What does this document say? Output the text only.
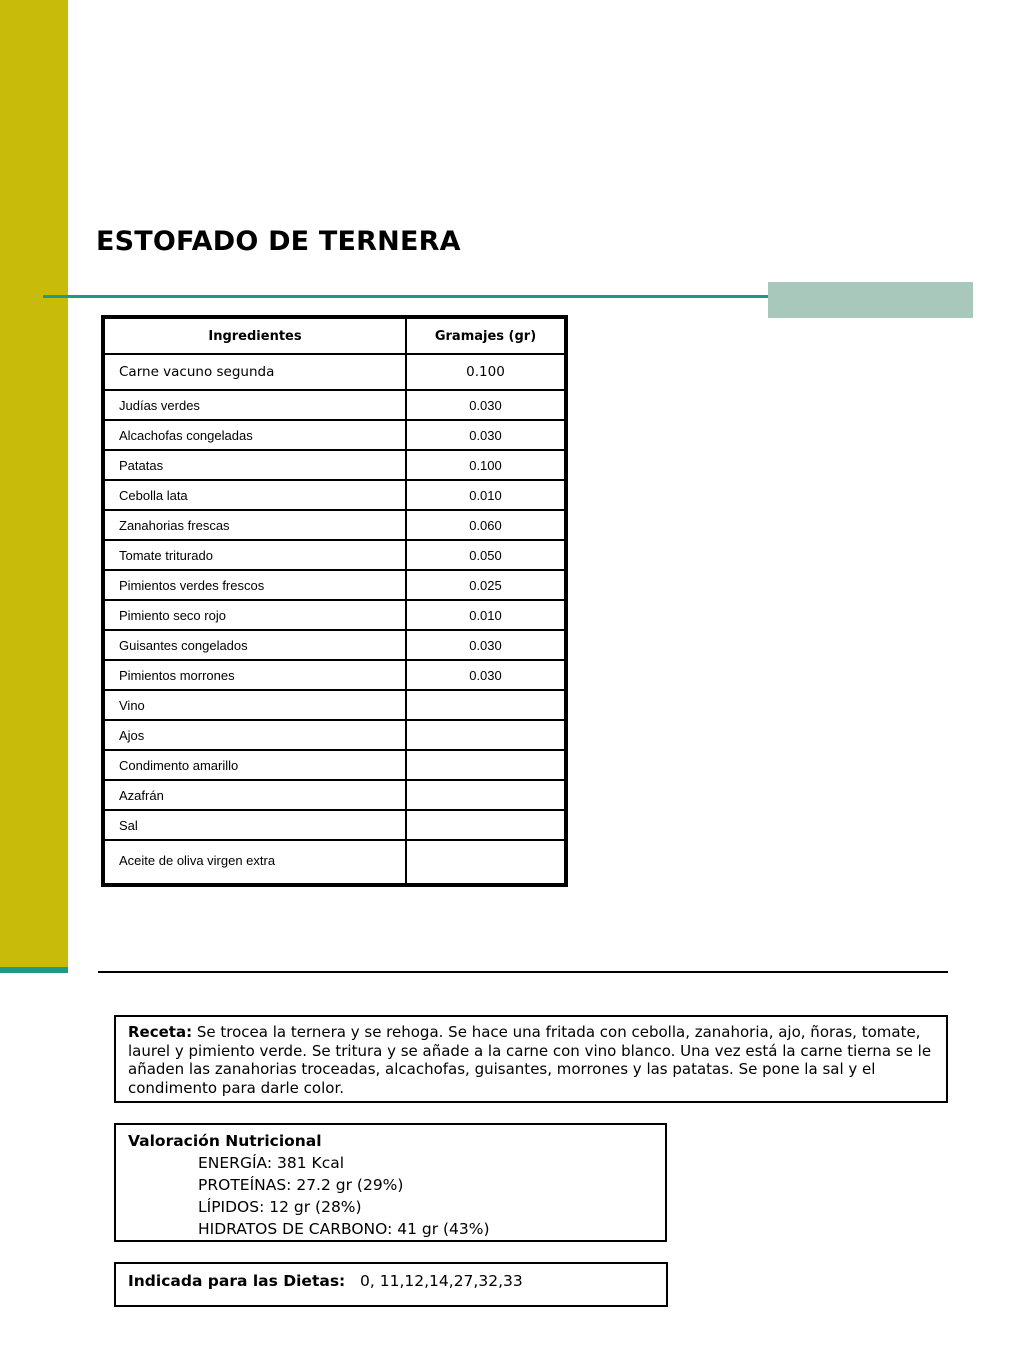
ESTOFADO DE TERNERA
Ingredientes	Gramajes (gr)
Carne vacuno segunda	0.100
Judías verdes	0.030
Alcachofas congeladas	0.030
Patatas	0.100
Cebolla lata	0.010
Zanahorias frescas	0.060
Tomate triturado	0.050
Pimientos verdes frescos	0.025
Pimiento seco rojo	0.010
Guisantes congelados	0.030
Pimientos morrones	0.030
Vino	
Ajos	
Condimento amarillo	
Azafrán	
Sal	
Aceite de oliva virgen extra	
Receta: Se trocea la ternera y se rehoga. Se hace una fritada con cebolla, zanahoria, ajo, ñoras, tomate, laurel y pimiento verde. Se tritura y se añade a la carne con vino blanco. Una vez está la carne tierna se le añaden las zanahorias troceadas, alcachofas, guisantes, morrones y las patatas. Se pone la sal y el condimento para darle color.
Valoración Nutricional
ENERGÍA: 381 Kcal
PROTEÍNAS: 27.2 gr (29%)
LÍPIDOS: 12 gr (28%)
HIDRATOS DE CARBONO: 41 gr (43%)
Indicada para las Dietas: 0, 11,12,14,27,32,33
